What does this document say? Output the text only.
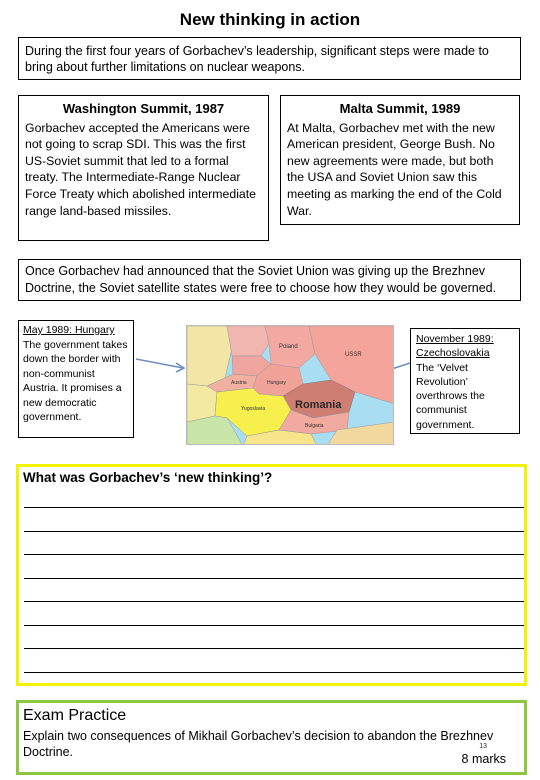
New thinking in action
During the first four years of Gorbachev’s leadership, significant steps were made to bring about further limitations on nuclear weapons.
Washington Summit, 1987
Gorbachev accepted the Americans were not going to scrap SDI. This was the first US-Soviet summit that led to a formal treaty. The Intermediate-Range Nuclear Force Treaty which abolished intermediate range land-based missiles.
Malta Summit, 1989
At Malta, Gorbachev met with the new American president, George Bush. No new agreements were made, but both the USA and Soviet Union saw this meeting as marking the end of the Cold War.
Once Gorbachev had announced that the Soviet Union was giving up the Brezhnev Doctrine, the Soviet satellite states were free to choose how they would be governed.
May 1989: Hungary
The government takes down the border with non-communist Austria. It promises a new democratic government.
November 1989: Czechoslovakia
The ‘Velvet Revolution’ overthrows the communist government.
Romania
Poland
USSR
Hungary
Austria
Yugoslavia
Bulgaria

What was Gorbachev’s ‘new thinking’?

Exam Practice

Explain two consequences of Mikhail Gorbachev’s decision to abandon the Brezhnev Doctrine.	13
8 marks
